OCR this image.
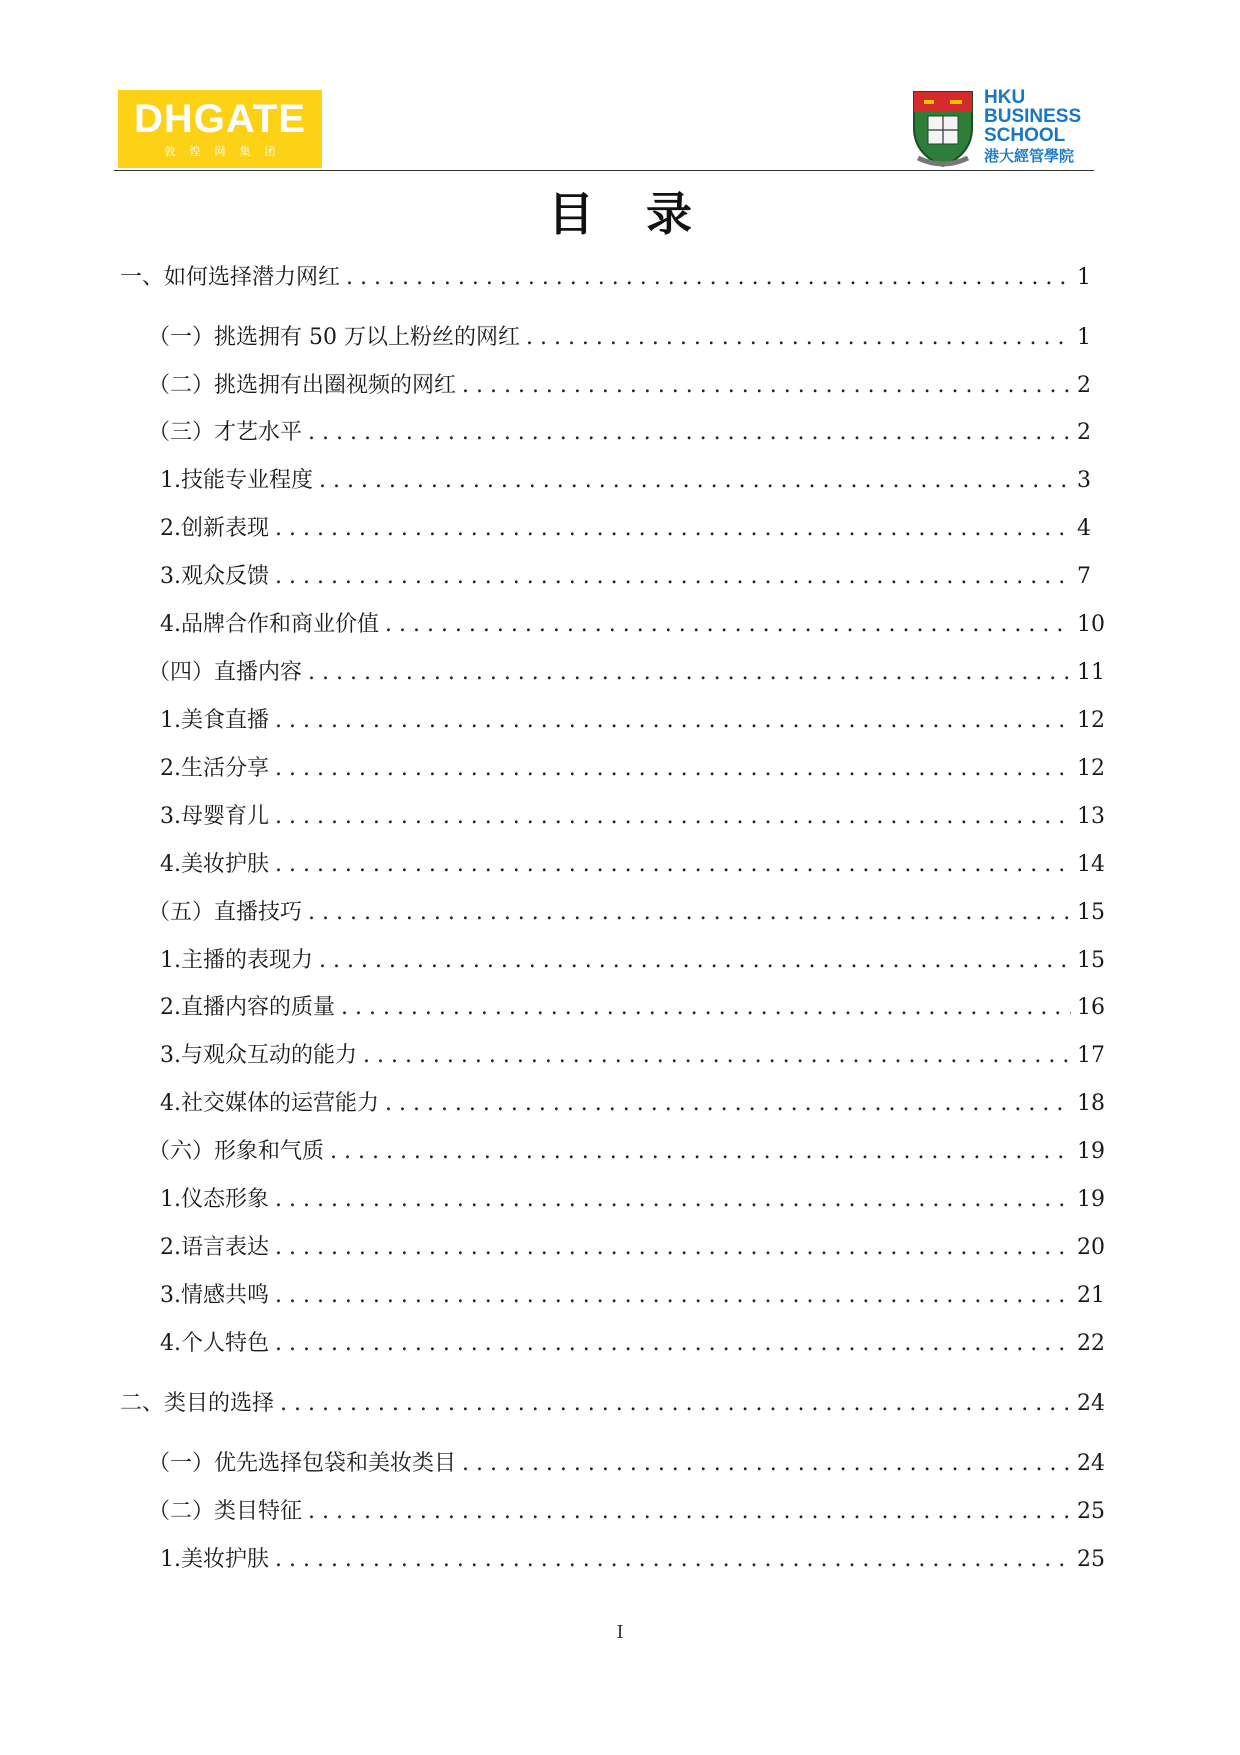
DHGATE
敦煌网集团
HKU
BUSINESS
SCHOOL
港大經管學院
目录
一、如何选择潜力网红 . . .	1
（一）挑选拥有 50 万以上粉丝的网红 . . .	1
（二）挑选拥有出圈视频的网红 . . .	2
（三）才艺水平 . . .	2
1.技能专业程度 . . .	3
2.创新表现 . . .	4
3.观众反馈 . . .	7
4.品牌合作和商业价值 . . .	10
（四）直播内容 . . .	11
1.美食直播 . . .	12
2.生活分享 . . .	12
3.母婴育儿 . . .	13
4.美妆护肤 . . .	14
（五）直播技巧 . . .	15
1.主播的表现力 . . .	15
2.直播内容的质量 . . .	16
3.与观众互动的能力 . . .	17
4.社交媒体的运营能力 . . .	18
（六）形象和气质 . . .	19
1.仪态形象 . . .	19
2.语言表达 . . .	20
3.情感共鸣 . . .	21
4.个人特色 . . .	22
二、类目的选择 . . .	24
（一）优先选择包袋和美妆类目 . . .	24
（二）类目特征 . . .	25
1.美妆护肤 . . .	25
I
